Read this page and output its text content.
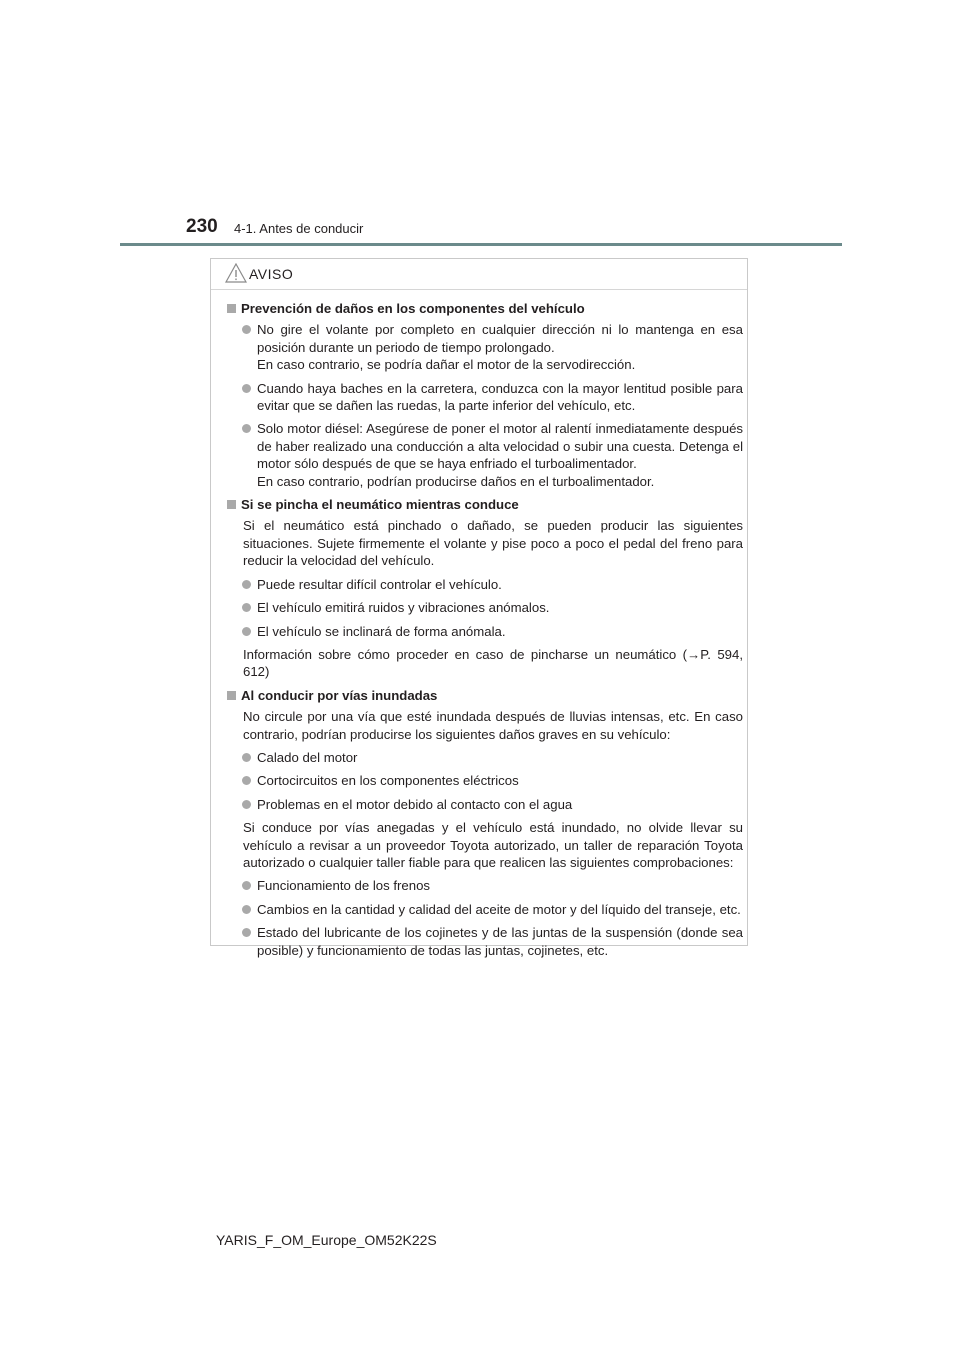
230 4-1. Antes de conducir
AVISO
Prevención de daños en los componentes del vehículo
No gire el volante por completo en cualquier dirección ni lo mantenga en esa posición durante un periodo de tiempo prolongado.
En caso contrario, se podría dañar el motor de la servodirección.
Cuando haya baches en la carretera, conduzca con la mayor lentitud posible para evitar que se dañen las ruedas, la parte inferior del vehículo, etc.
Solo motor diésel: Asegúrese de poner el motor al ralentí inmediatamente después de haber realizado una conducción a alta velocidad o subir una cuesta. Detenga el motor sólo después de que se haya enfriado el turboalimentador.
En caso contrario, podrían producirse daños en el turboalimentador.
Si se pincha el neumático mientras conduce
Si el neumático está pinchado o dañado, se pueden producir las siguientes situaciones. Sujete firmemente el volante y pise poco a poco el pedal del freno para reducir la velocidad del vehículo.
Puede resultar difícil controlar el vehículo.
El vehículo emitirá ruidos y vibraciones anómalos.
El vehículo se inclinará de forma anómala.
Información sobre cómo proceder en caso de pincharse un neumático (→P. 594, 612)
Al conducir por vías inundadas
No circule por una vía que esté inundada después de lluvias intensas, etc. En caso contrario, podrían producirse los siguientes daños graves en su vehículo:
Calado del motor
Cortocircuitos en los componentes eléctricos
Problemas en el motor debido al contacto con el agua
Si conduce por vías anegadas y el vehículo está inundado, no olvide llevar su vehículo a revisar a un proveedor Toyota autorizado, un taller de reparación Toyota autorizado o cualquier taller fiable para que realicen las siguientes comprobaciones:
Funcionamiento de los frenos
Cambios en la cantidad y calidad del aceite de motor y del líquido del transeje, etc.
Estado del lubricante de los cojinetes y de las juntas de la suspensión (donde sea posible) y funcionamiento de todas las juntas, cojinetes, etc.
YARIS_F_OM_Europe_OM52K22S
